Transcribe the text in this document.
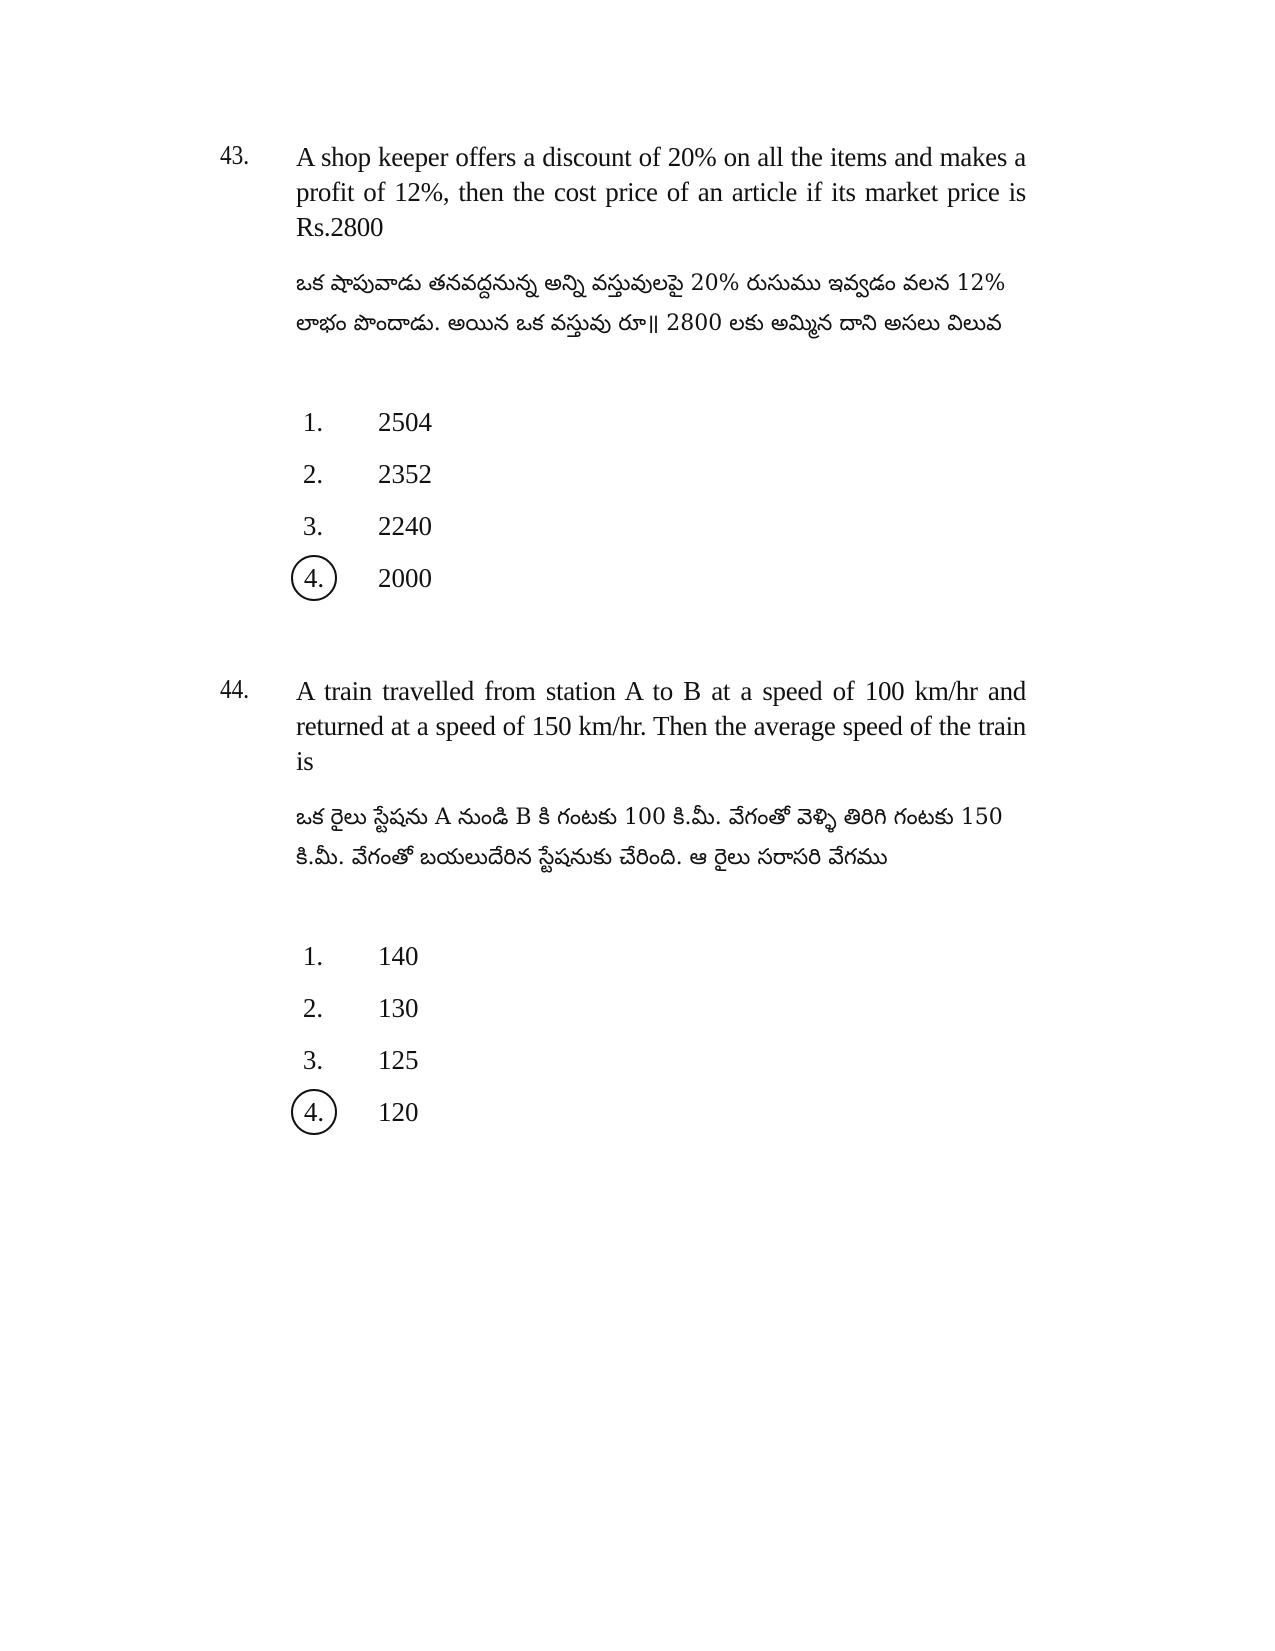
43. A shop keeper offers a discount of 20% on all the items and makes a profit of 12%, then the cost price of an article if its market price is Rs.2800
ఒక షాపువాడు తనవద్దనున్న అన్ని వస్తువులపై 20% రుసుము ఇవ్వడం వలన 12% లాభం పొందాడు. అయిన ఒక వస్తువు రూ॥ 2800 లకు అమ్మిన దాని అసలు విలువ
1.	2504
2.	2352
3.	2240
4.	2000
44. A train travelled from station A to B at a speed of 100 km/hr and returned at a speed of 150 km/hr. Then the average speed of the train is
ఒక రైలు స్టేషను A నుండి B కి గంటకు 100 కి.మీ. వేగంతో వెళ్ళి తిరిగి గంటకు 150 కి.మీ. వేగంతో బయలుదేరిన స్టేషనుకు చేరింది. ఆ రైలు సరాసరి వేగము
1.	140
2.	130
3.	125
4.	120
